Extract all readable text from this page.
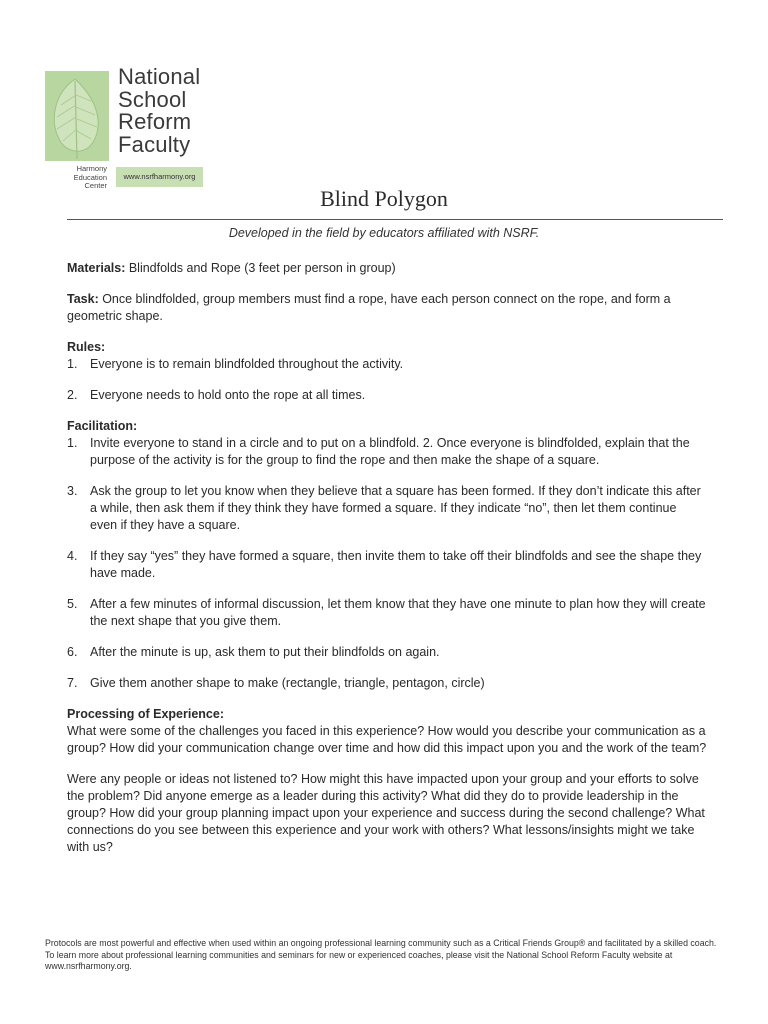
National
School
Reform
Faculty
Harmony
Education
Center
www.nsrfharmony.org
Blind Polygon
Developed in the field by educators affiliated with NSRF.

Materials: Blindfolds and Rope (3 feet per person in group)

Task: Once blindfolded, group members must find a rope, have each person connect on the rope, and form a geometric shape.

Rules:
1. Everyone is to remain blindfolded throughout the activity.
2. Everyone needs to hold onto the rope at all times.
Facilitation:
1. Invite everyone to stand in a circle and to put on a blindfold. 2. Once everyone is blindfolded, explain that the purpose of the activity is for the group to find the rope and then make the shape of a square.
3. Ask the group to let you know when they believe that a square has been formed. If they don’t indicate this after a while, then ask them if they think they have formed a square. If they indicate “no”, then let them continue even if they have a square.
4. If they say “yes” they have formed a square, then invite them to take off their blindfolds and see the shape they have made.
5. After a few minutes of informal discussion, let them know that they have one minute to plan how they will create the next shape that you give them.
6. After the minute is up, ask them to put their blindfolds on again.
7. Give them another shape to make (rectangle, triangle, pentagon, circle)
Processing of Experience:

What were some of the challenges you faced in this experience? How would you describe your communication as a group? How did your communication change over time and how did this impact upon you and the work of the team?

Were any people or ideas not listened to? How might this have impacted upon your group and your efforts to solve the problem? Did anyone emerge as a leader during this activity? What did they do to provide leadership in the group? How did your group planning impact upon your experience and success during the second challenge? What connections do you see between this experience and your work with others? What lessons/insights might we take with us?

Protocols are most powerful and effective when used within an ongoing professional learning community such as a Critical Friends Group® and facilitated by a skilled coach. To learn more about professional learning communities and seminars for new or experienced coaches, please visit the National School Reform Faculty website at www.nsrfharmony.org.
